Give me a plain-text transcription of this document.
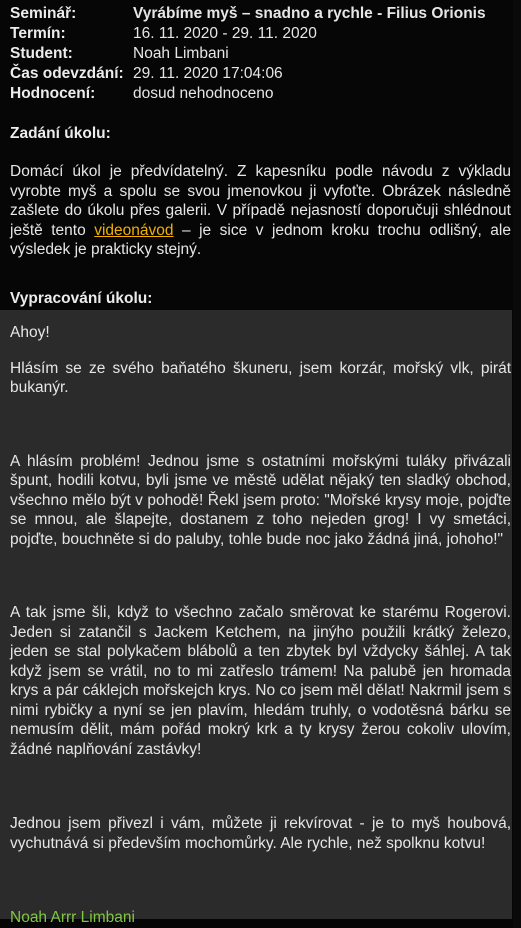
Seminář:	Vyrábíme myš – snadno a rychle - Filius Orionis
Termín:	16. 11. 2020 - 29. 11. 2020
Student:	Noah Limbani
Čas odevzdání: 29. 11. 2020 17:04:06
Hodnocení:	dosud nehodnoceno
Zadání úkolu:
Domácí úkol je předvídatelný. Z kapesníku podle návodu z výkladu vyrobte myš a spolu se svou jmenovkou ji vyfoťte. Obrázek následně zašlete do úkolu přes galerii. V případě nejasností doporučuji shlédnout ještě tento videonávod – je sice v jednom kroku trochu odlišný, ale výsledek je prakticky stejný.
Vypracování úkolu:

Ahoy!

Hlásím se ze svého baňatého škuneru, jsem korzár, mořský vlk, pirát bukanýr.

A hlásím problém! Jednou jsme s ostatními mořskými tuláky přivázali špunt, hodili kotvu, byli jsme ve městě udělat nějaký ten sladký obchod, všechno mělo být v pohodě! Řekl jsem proto: "Mořské krysy moje, pojďte se mnou, ale šlapejte, dostanem z toho nejeden grog! I vy smetáci, pojďte, bouchněte si do paluby, tohle bude noc jako žádná jiná, johoho!"

A tak jsme šli, když to všechno začalo směrovat ke starému Rogerovi. Jeden si zatančil s Jackem Ketchem, na jinýho použili krátký železo, jeden se stal polykačem blábolů a ten zbytek byl vždycky šáhlej. A tak když jsem se vrátil, no to mi zatřeslo trámem! Na palubě jen hromada krys a pár cáklejch mořskejch krys. No co jsem měl dělat! Nakrmil jsem s nimi rybičky a nyní se jen plavím, hledám truhly, o vodotěsná bárku se nemusím dělit, mám pořád mokrý krk a ty krysy žerou cokoliv ulovím, žádné naplňování zastávky!

Jednou jsem přivezl i vám, můžete ji rekvírovat - je to myš houbová, vychutnává si především mochomůrky. Ale rychle, než spolknu kotvu!

Noah Arrr Limbani
